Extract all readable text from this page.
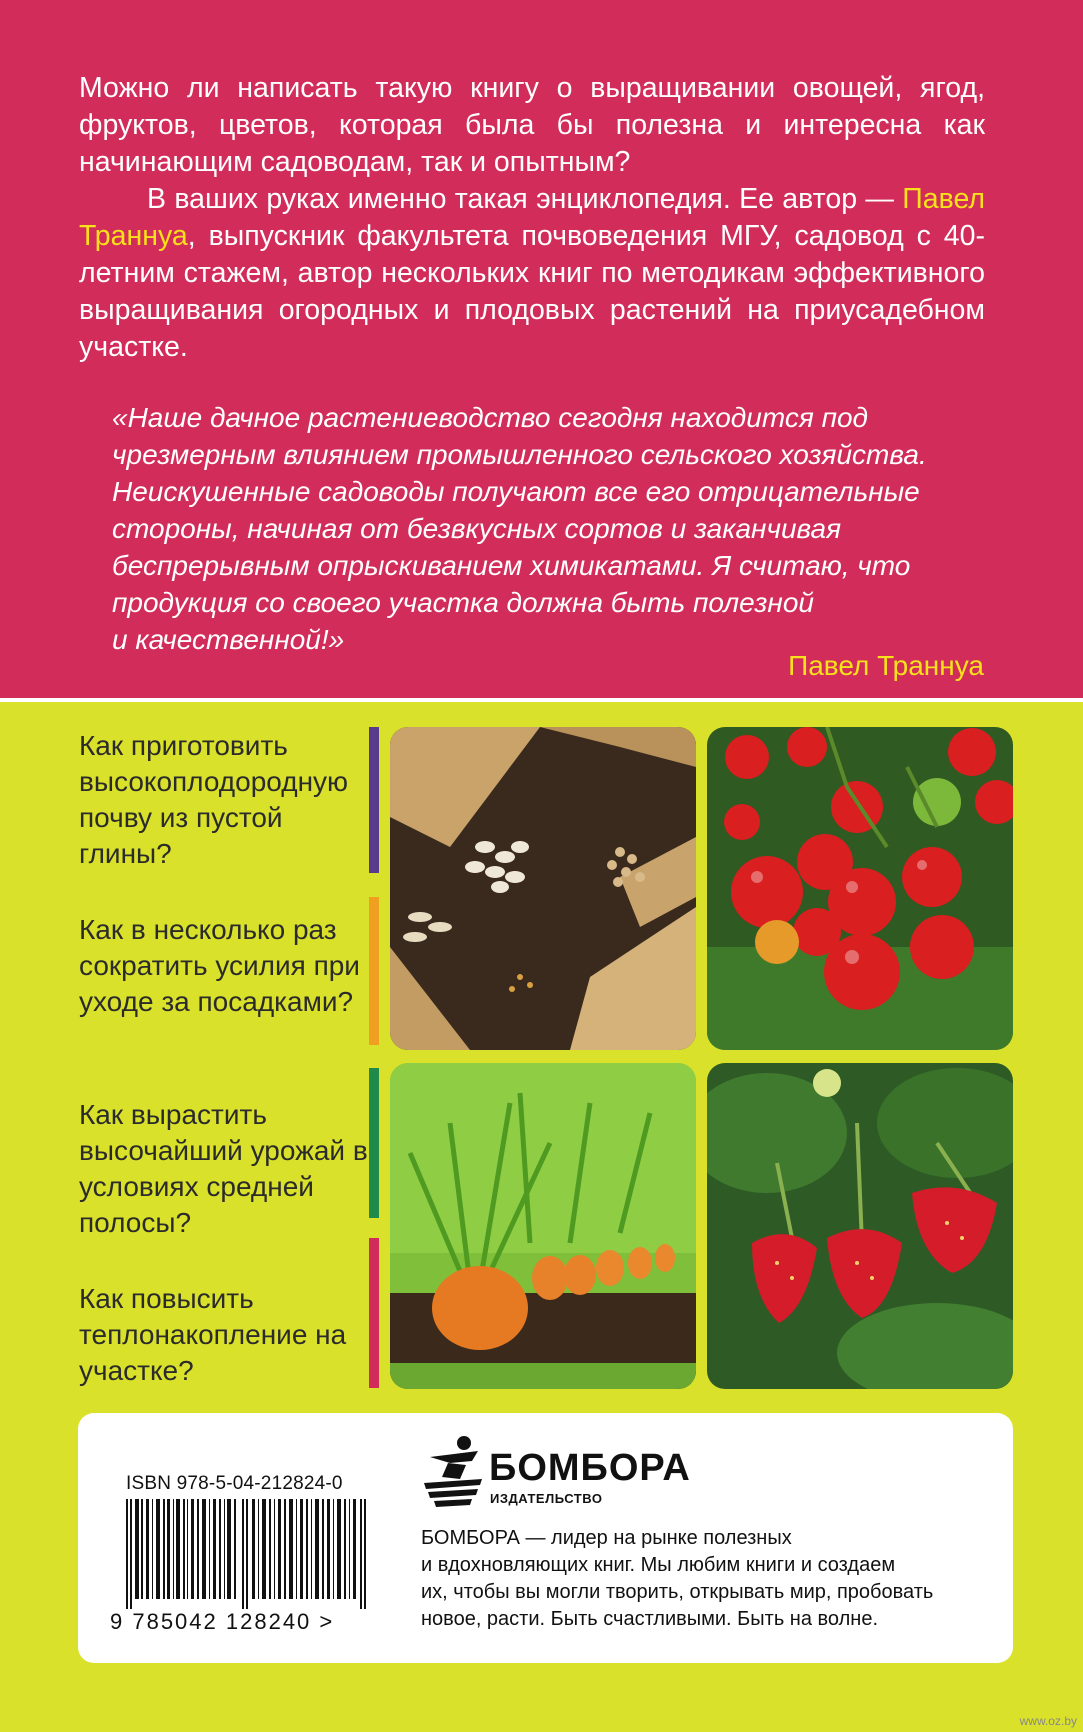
Можно ли написать такую книгу о выращивании овощей, ягод, фруктов, цветов, которая была бы полезна и интересна как начинающим садоводам, так и опытным?

В ваших руках именно такая энциклопедия. Ее автор — Павел Траннуа, выпускник факультета почвоведения МГУ, садовод с 40-летним стажем, автор нескольких книг по методикам эффективного выращивания огородных и плодовых растений на приусадебном участке.

«Наше дачное растениеводство сегодня находится под
чрезмерным влиянием промышленного сельского хозяйства.
Неискушенные садоводы получают все его отрицательные
стороны, начиная от безвкусных сортов и заканчивая
беспрерывным опрыскиванием химикатами. Я считаю, что
продукция со своего участка должна быть полезной
и качественной!»
Павел Траннуа
Как приготовить высокоплодородную почву из пустой глины?
Как в несколько раз сократить усилия при уходе за посадками?
Как вырастить высочайший урожай в условиях средней полосы?
Как повысить теплонакопление на участке?
ISBN 978-5-04-212824-0
9 785042 128240 >
БОМБОРА
ИЗДАТЕЛЬСТВО
БОМБОРА — лидер на рынке полезных
и вдохновляющих книг. Мы любим книги и создаем
их, чтобы вы могли творить, открывать мир, пробовать
новое, расти. Быть счастливыми. Быть на волне.
www.oz.by
